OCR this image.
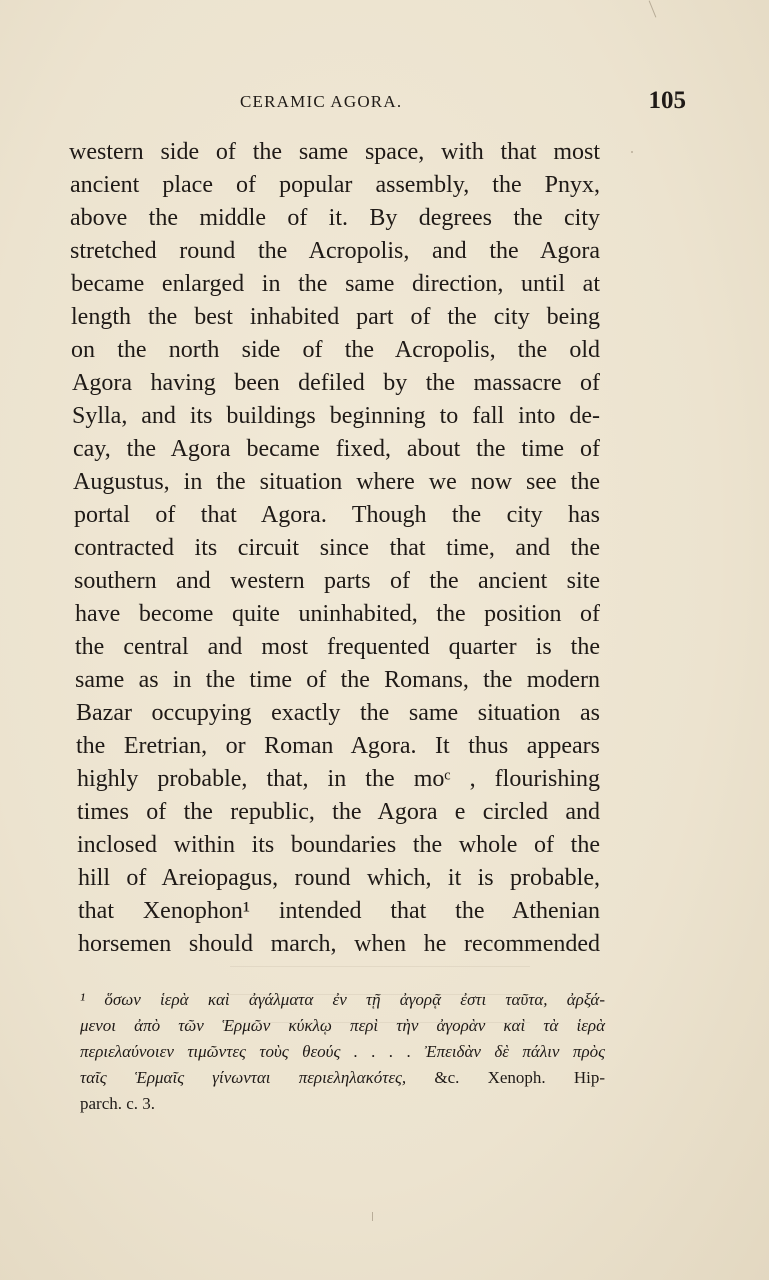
CERAMIC AGORA.	105
western side of the same space, with that most
ancient place of popular assembly, the Pnyx,
above the middle of it. By degrees the city
stretched round the Acropolis, and the Agora
became enlarged in the same direction, until at
length the best inhabited part of the city being
on the north side of the Acropolis, the old
Agora having been defiled by the massacre of
Sylla, and its buildings beginning to fall into de-
cay, the Agora became fixed, about the time of
Augustus, in the situation where we now see the
portal of that Agora. Though the city has
contracted its circuit since that time, and the
southern and western parts of the ancient site
have become quite uninhabited, the position of
the central and most frequented quarter is the
same as in the time of the Romans, the modern
Bazar occupying exactly the same situation as
the Eretrian, or Roman Agora. It thus appears
highly probable, that, in the moᶜ , flourishing
times of the republic, the Agora e circled and
inclosed within its boundaries the whole of the
hill of Areiopagus, round which, it is probable,
that Xenophon¹ intended that the Athenian
horsemen should march, when he recommended
¹ ὅσων ἱερὰ καὶ ἀγάλματα ἐν τῇ ἀγορᾷ ἐστι ταῦτα, ἀρξά-
μενοι ἀπὸ τῶν Ἑρμῶν κύκλῳ περὶ τὴν ἀγορὰν καὶ τὰ ἱερὰ
περιελαύνοιεν τιμῶντες τοὺς θεούς . . . . Ἐπειδὰν δὲ πάλιν πρὸς
ταῖς Ἑρμαῖς γίνωνται περιεληλακότες, &c. Xenoph. Hip-
parch. c. 3.
